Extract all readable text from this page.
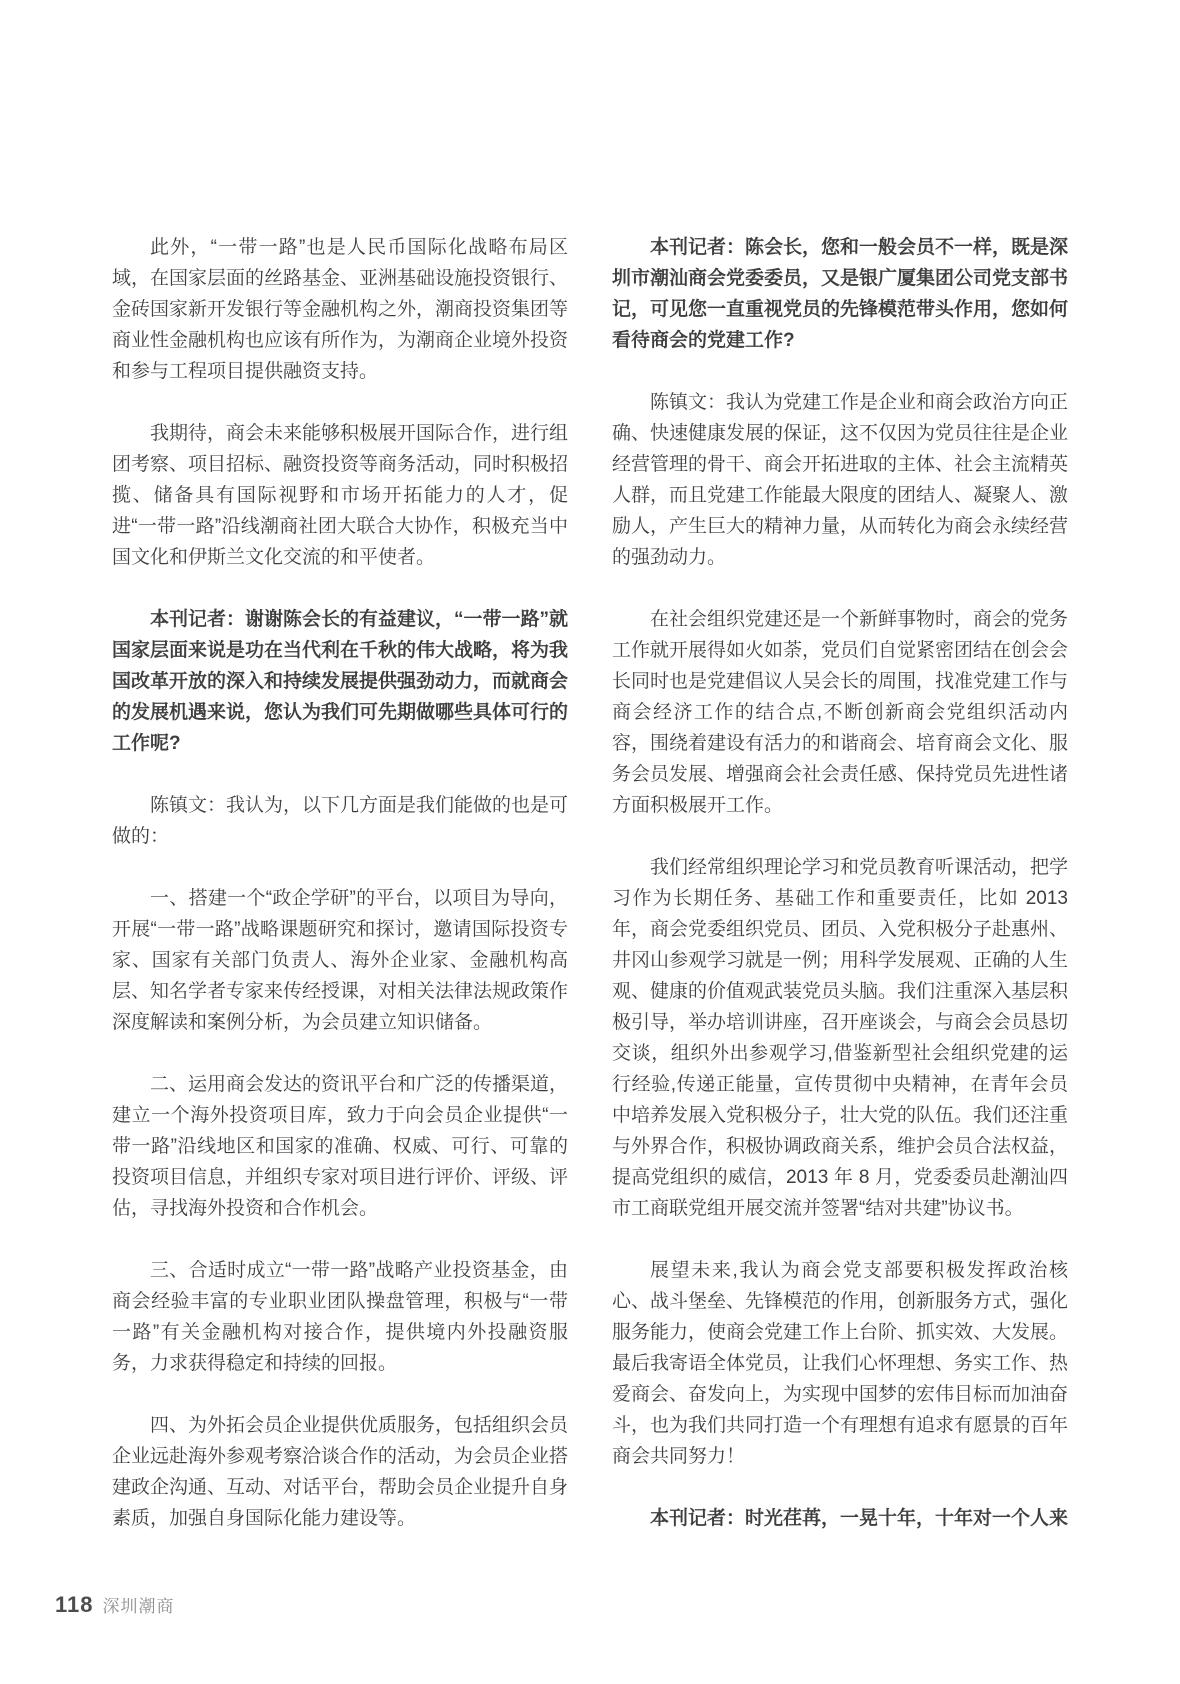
此外，“一带一路”也是人民币国际化战略布局区域，在国家层面的丝路基金、亚洲基础设施投资银行、金砖国家新开发银行等金融机构之外，潮商投资集团等商业性金融机构也应该有所作为，为潮商企业境外投资和参与工程项目提供融资支持。

我期待，商会未来能够积极展开国际合作，进行组团考察、项目招标、融资投资等商务活动，同时积极招揽、储备具有国际视野和市场开拓能力的人才，促进“一带一路”沿线潮商社团大联合大协作，积极充当中国文化和伊斯兰文化交流的和平使者。

本刊记者：谢谢陈会长的有益建议，“一带一路”就国家层面来说是功在当代利在千秋的伟大战略，将为我国改革开放的深入和持续发展提供强劲动力，而就商会的发展机遇来说，您认为我们可先期做哪些具体可行的工作呢?

陈镇文：我认为，以下几方面是我们能做的也是可做的：

一、搭建一个“政企学研”的平台，以项目为导向，开展“一带一路”战略课题研究和探讨，邀请国际投资专家、国家有关部门负责人、海外企业家、金融机构高层、知名学者专家来传经授课，对相关法律法规政策作深度解读和案例分析，为会员建立知识储备。

二、运用商会发达的资讯平台和广泛的传播渠道，建立一个海外投资项目库，致力于向会员企业提供“一带一路”沿线地区和国家的准确、权威、可行、可靠的投资项目信息，并组织专家对项目进行评价、评级、评估，寻找海外投资和合作机会。

三、合适时成立“一带一路”战略产业投资基金，由商会经验丰富的专业职业团队操盘管理，积极与“一带一路”有关金融机构对接合作，提供境内外投融资服务，力求获得稳定和持续的回报。

四、为外拓会员企业提供优质服务，包括组织会员企业远赴海外参观考察洽谈合作的活动，为会员企业搭建政企沟通、互动、对话平台，帮助会员企业提升自身素质，加强自身国际化能力建设等。

本刊记者：陈会长，您和一般会员不一样，既是深圳市潮汕商会党委委员，又是银广厦集团公司党支部书记，可见您一直重视党员的先锋模范带头作用，您如何看待商会的党建工作?

陈镇文：我认为党建工作是企业和商会政治方向正确、快速健康发展的保证，这不仅因为党员往往是企业经营管理的骨干、商会开拓进取的主体、社会主流精英人群，而且党建工作能最大限度的团结人、凝聚人、激励人，产生巨大的精神力量，从而转化为商会永续经营的强劲动力。

在社会组织党建还是一个新鲜事物时，商会的党务工作就开展得如火如荼，党员们自觉紧密团结在创会会长同时也是党建倡议人吴会长的周围，找准党建工作与商会经济工作的结合点,不断创新商会党组织活动内容，围绕着建设有活力的和谐商会、培育商会文化、服务会员发展、增强商会社会责任感、保持党员先进性诸方面积极展开工作。

我们经常组织理论学习和党员教育听课活动，把学习作为长期任务、基础工作和重要责任，比如 2013 年，商会党委组织党员、团员、入党积极分子赴惠州、井冈山参观学习就是一例；用科学发展观、正确的人生观、健康的价值观武装党员头脑。我们注重深入基层积极引导，举办培训讲座，召开座谈会，与商会会员恳切交谈，组织外出参观学习,借鉴新型社会组织党建的运行经验,传递正能量，宣传贯彻中央精神，在青年会员中培养发展入党积极分子，壮大党的队伍。我们还注重与外界合作，积极协调政商关系，维护会员合法权益，提高党组织的威信，2013 年 8 月，党委委员赴潮汕四市工商联党组开展交流并签署“结对共建”协议书。

展望未来,我认为商会党支部要积极发挥政治核心、战斗堡垒、先锋模范的作用，创新服务方式，强化服务能力，使商会党建工作上台阶、抓实效、大发展。最后我寄语全体党员，让我们心怀理想、务实工作、热爱商会、奋发向上，为实现中国梦的宏伟目标而加油奋斗，也为我们共同打造一个有理想有追求有愿景的百年商会共同努力！

本刊记者：时光荏苒，一晃十年，十年对一个人来

118 深圳潮商
